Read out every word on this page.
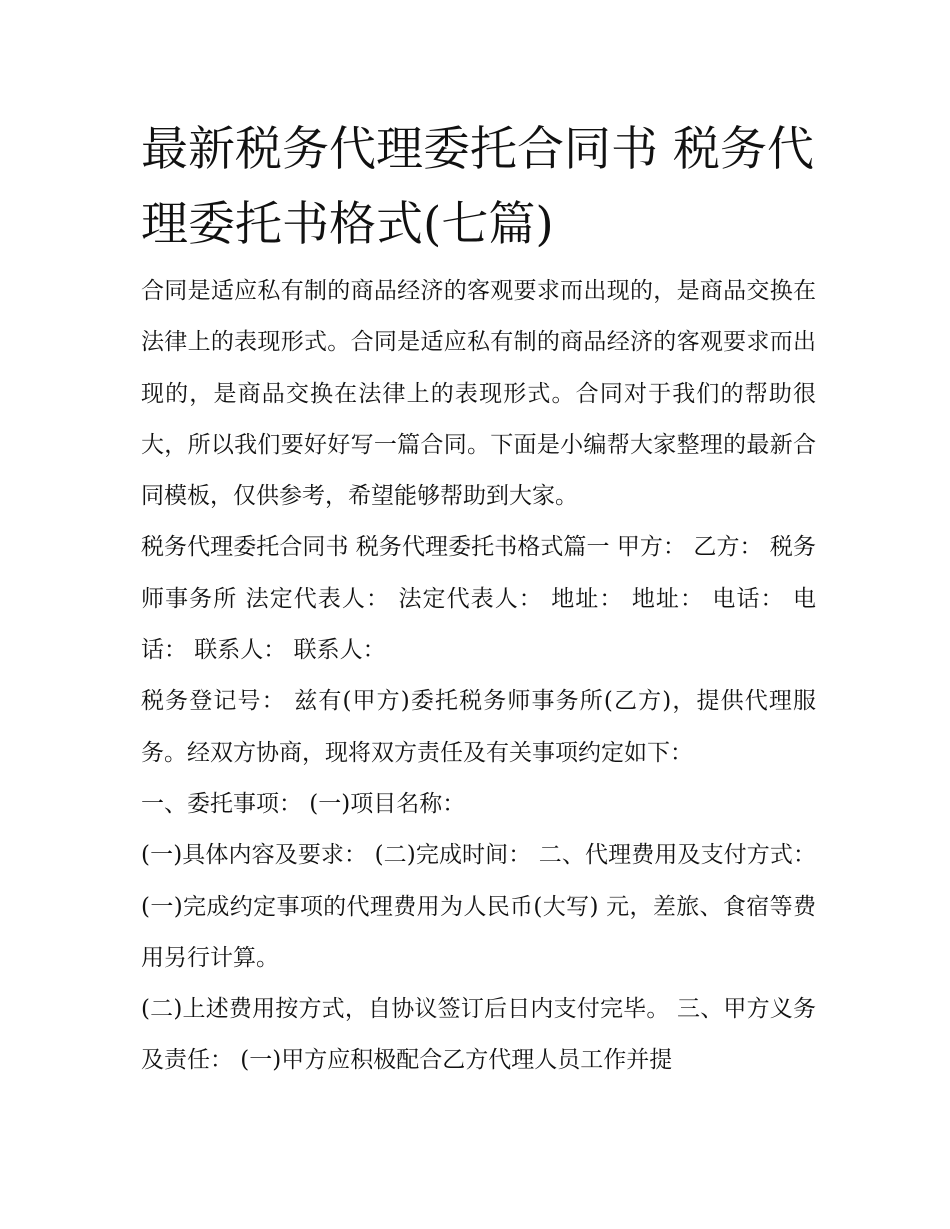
最新税务代理委托合同书 税务代理委托书格式(七篇)

合同是适应私有制的商品经济的客观要求而出现的，是商品交换在法律上的表现形式。合同是适应私有制的商品经济的客观要求而出现的，是商品交换在法律上的表现形式。合同对于我们的帮助很大，所以我们要好好写一篇合同。下面是小编帮大家整理的最新合同模板，仅供参考，希望能够帮助到大家。

税务代理委托合同书 税务代理委托书格式篇一 甲方： 乙方： 税务师事务所 法定代表人： 法定代表人： 地址： 地址： 电话： 电话： 联系人： 联系人：

税务登记号： 兹有(甲方)委托税务师事务所(乙方)，提供代理服务。经双方协商，现将双方责任及有关事项约定如下：

一、委托事项： (一)项目名称：

(一)具体内容及要求： (二)完成时间： 二、代理费用及支付方式： (一)完成约定事项的代理费用为人民币(大写) 元，差旅、食宿等费用另行计算。

(二)上述费用按方式，自协议签订后日内支付完毕。 三、甲方义务及责任： (一)甲方应积极配合乙方代理人员工作并提
